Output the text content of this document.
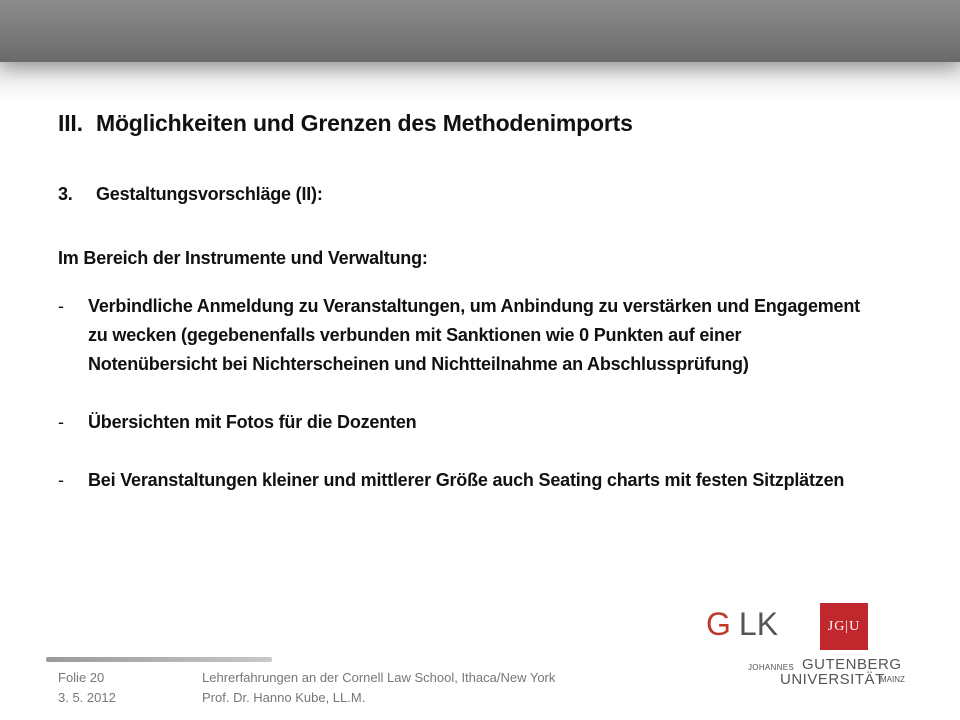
III. Möglichkeiten und Grenzen des Methodenimports
3.	Gestaltungsvorschläge (II):
Im Bereich der Instrumente und Verwaltung:
-	Verbindliche Anmeldung zu Veranstaltungen, um Anbindung zu verstärken und Engagement zu wecken (gegebenenfalls verbunden mit Sanktionen wie 0 Punkten auf einer Notenübersicht bei Nichterscheinen und Nichtteilnahme an Abschlussprüfung)
-	Übersichten mit Fotos für die Dozenten
-	Bei Veranstaltungen kleiner und mittlerer Größe auch Seating charts mit festen Sitzplätzen
Folie 20
3. 5. 2012
Lehrerfahrungen an der Cornell Law School, Ithaca/New York
Prof. Dr. Hanno Kube, LL.M.
G LK	JG|U
JOHANNES GUTENBERG
UNIVERSITÄT
MAINZ
